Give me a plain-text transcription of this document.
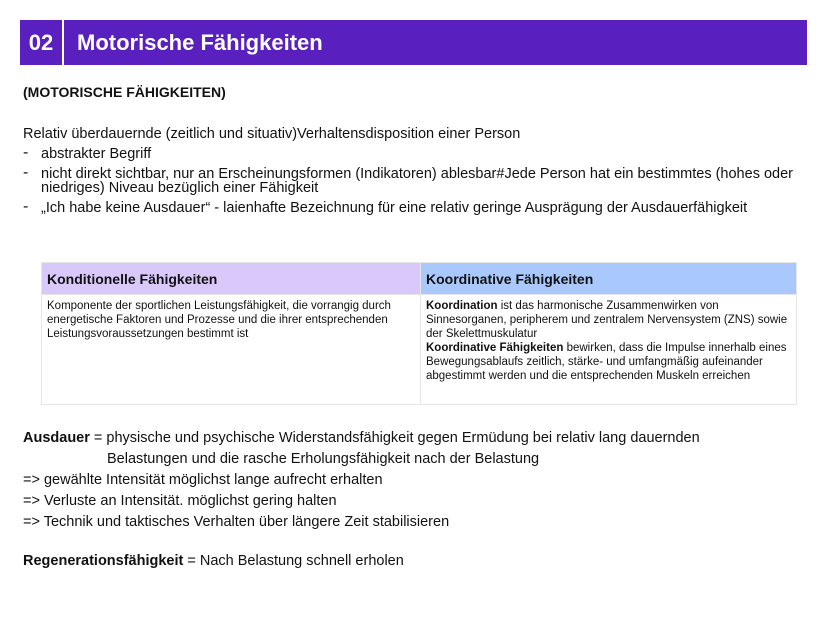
02	Motorische Fähigkeiten
(MOTORISCHE FÄHIGKEITEN)
Relativ überdauernde (zeitlich und situativ)Verhaltensdisposition einer Person
- abstrakter Begriff
- nicht direkt sichtbar, nur an Erscheinungsformen (Indikatoren) ablesbar#Jede Person hat ein bestimmtes (hohes oder niedriges) Niveau bezüglich einer Fähigkeit
- „Ich habe keine Ausdauer“ - laienhafte Bezeichnung für eine relativ geringe Ausprägung der Ausdauerfähigkeit
Konditionelle Fähigkeiten	Koordinative Fähigkeiten
Komponente der sportlichen Leistungsfähigkeit, die vorrangig durch energetische Faktoren und Prozesse und die ihrer entsprechenden Leistungsvoraussetzungen bestimmt ist	Koordination ist das harmonische Zusammenwirken von Sinnesorganen, peripherem und zentralem Nervensystem (ZNS) sowie der Skelettmuskulatur
Koordinative Fähigkeiten bewirken, dass die Impulse innerhalb eines Bewegungsablaufs zeitlich, stärke- und umfangmäßig aufeinander abgestimmt werden und die entsprechenden Muskeln erreichen
Ausdauer = physische und psychische Widerstandsfähigkeit gegen Ermüdung bei relativ lang dauernden
Belastungen und die rasche Erholungsfähigkeit nach der Belastung
=> gewählte Intensität möglichst lange aufrecht erhalten
=> Verluste an Intensität. möglichst gering halten
=> Technik und taktisches Verhalten über längere Zeit stabilisieren
Regenerationsfähigkeit = Nach Belastung schnell erholen
